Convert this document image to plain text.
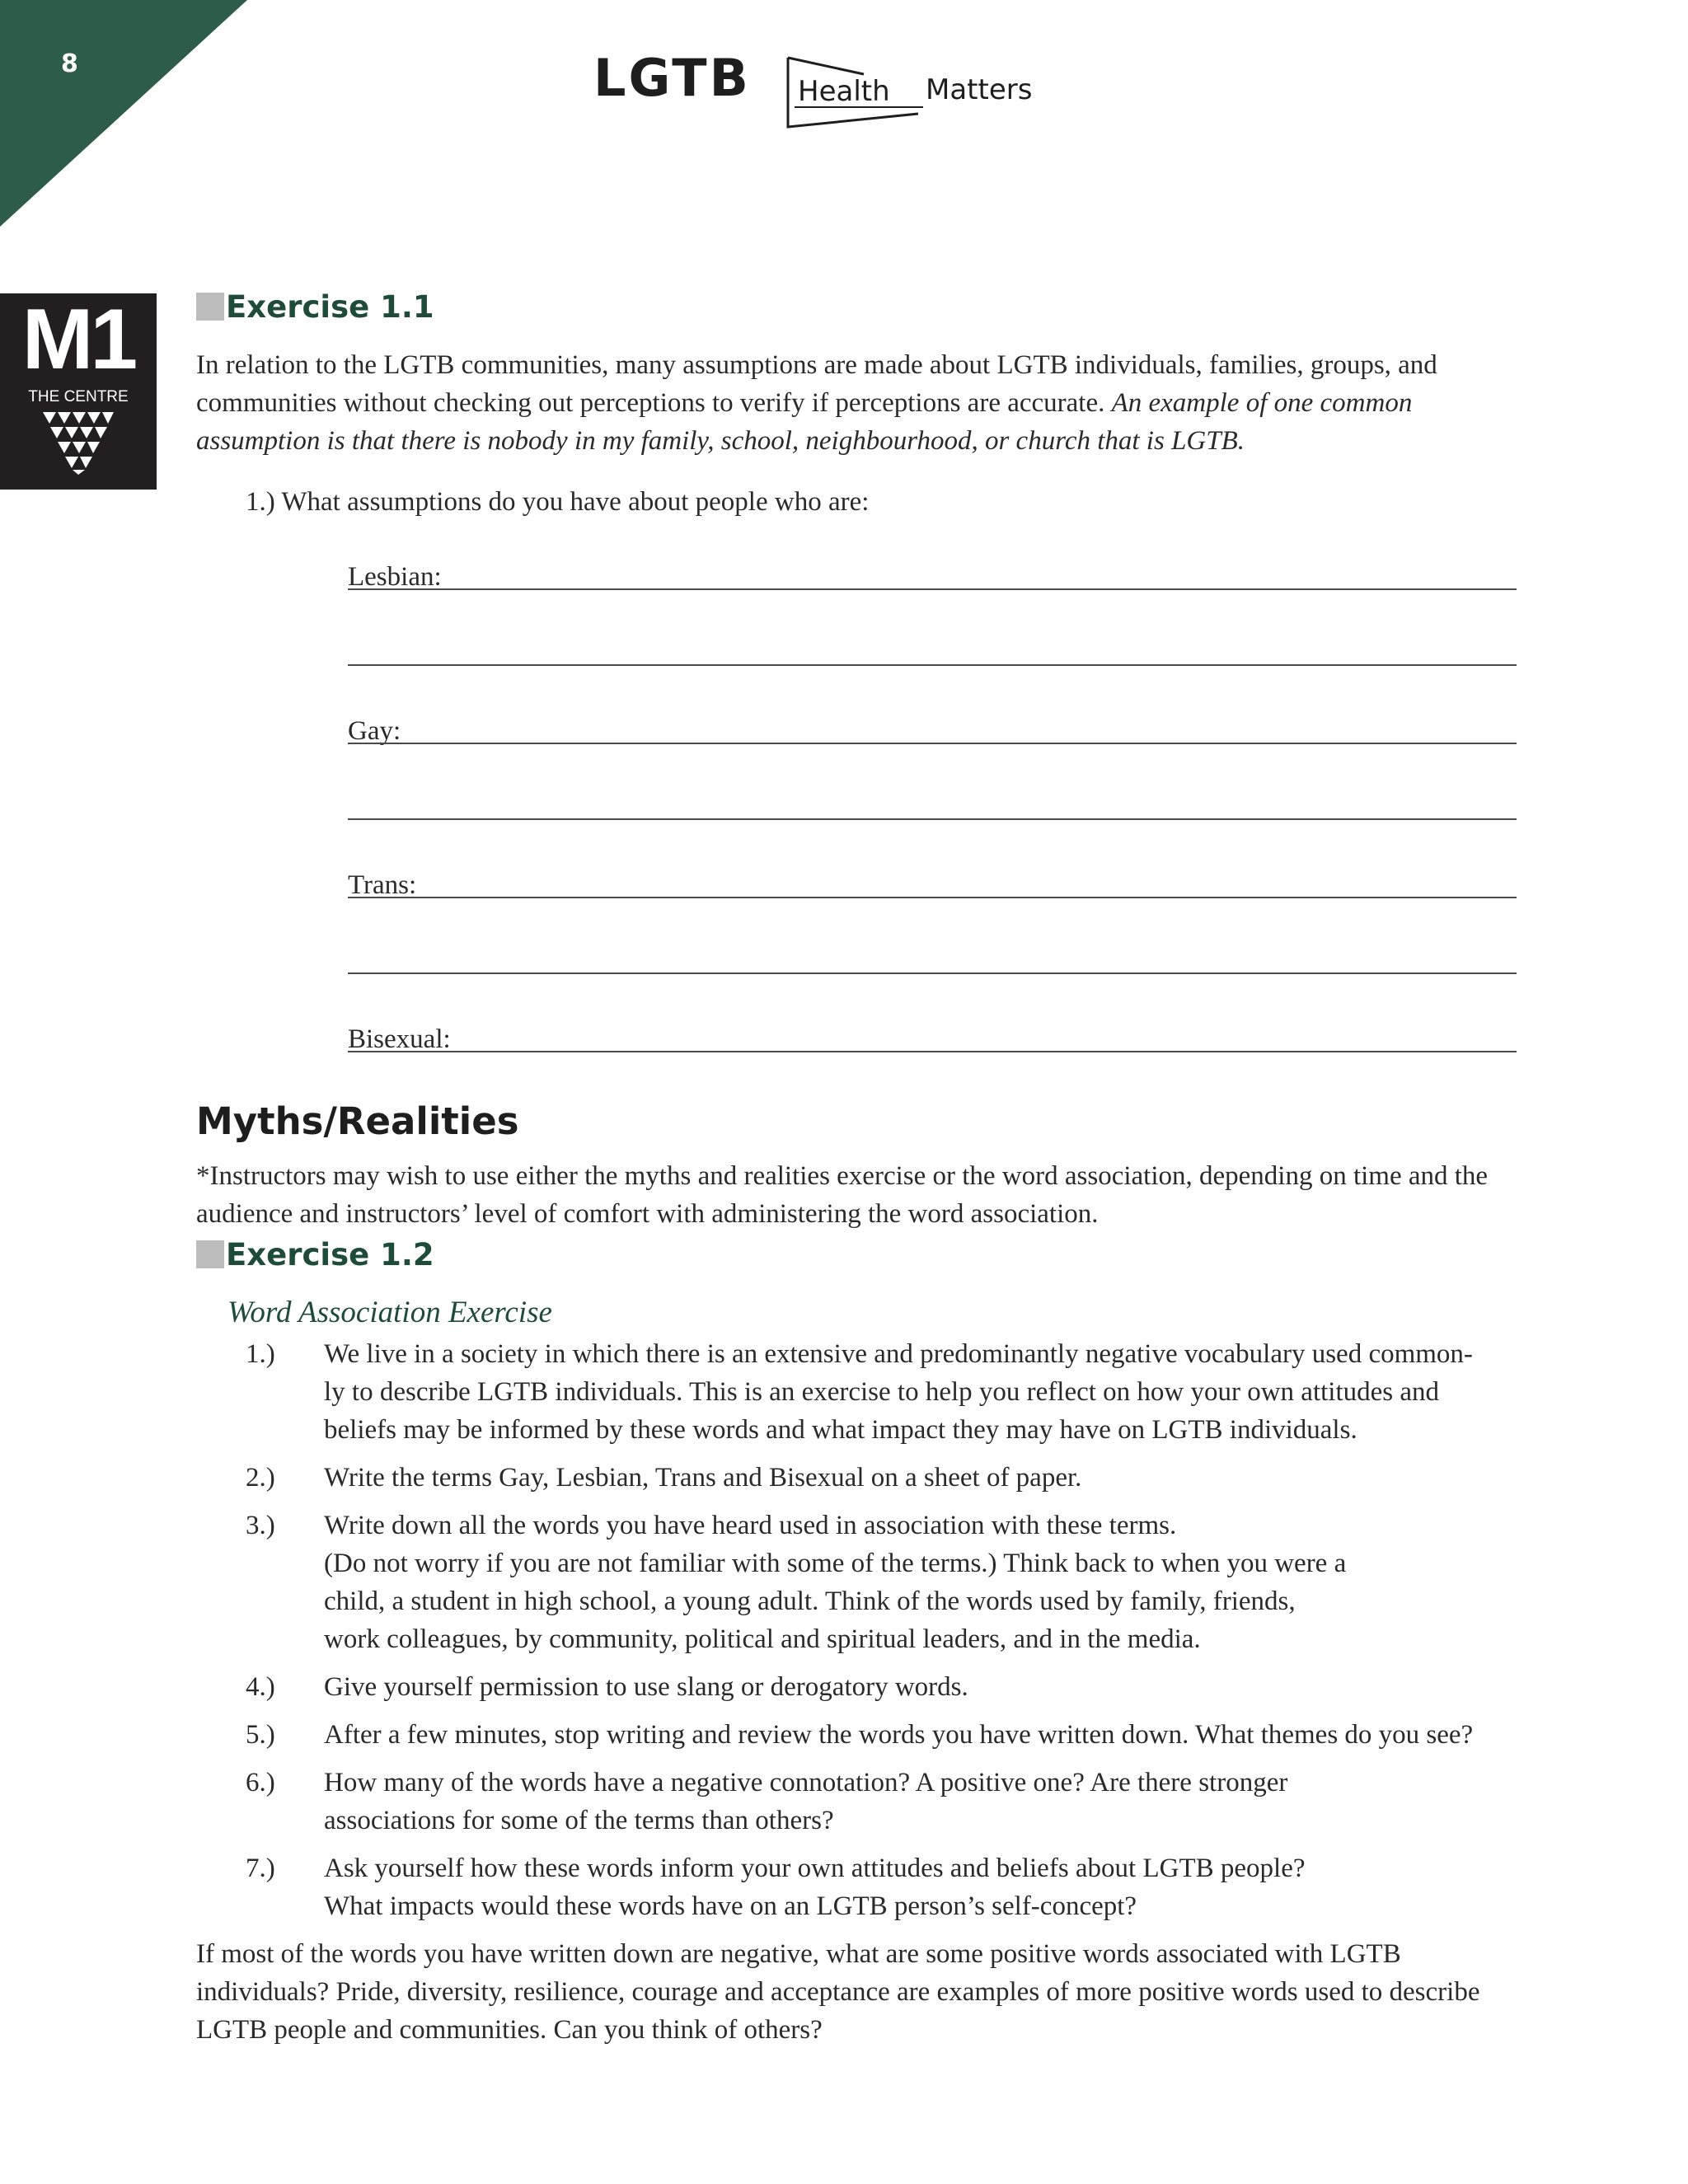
8	LGTB Health Matters
M1
THE CENTRE
Exercise 1.1

In relation to the LGTB communities, many assumptions are made about LGTB individuals, families, groups, and communities without checking out perceptions to verify if perceptions are accurate. An example of one common assumption is that there is nobody in my family, school, neighbourhood, or church that is LGTB.

1.) What assumptions do you have about people who are:
Lesbian:
Gay:
Trans:
Bisexual:
Myths/Realities

*Instructors may wish to use either the myths and realities exercise or the word association, depending on time and the audience and instructors’ level of comfort with administering the word association.

Exercise 1.2
Word Association Exercise
1.)	We live in a society in which there is an extensive and predominantly negative vocabulary used common-
ly to describe LGTB individuals. This is an exercise to help you reflect on how your own attitudes and
beliefs may be informed by these words and what impact they may have on LGTB individuals.
2.)	Write the terms Gay, Lesbian, Trans and Bisexual on a sheet of paper.
3.)	Write down all the words you have heard used in association with these terms.
(Do not worry if you are not familiar with some of the terms.) Think back to when you were a
child, a student in high school, a young adult. Think of the words used by family, friends,
work colleagues, by community, political and spiritual leaders, and in the media.
4.)	Give yourself permission to use slang or derogatory words.
5.)	After a few minutes, stop writing and review the words you have written down. What themes do you see?
6.)	How many of the words have a negative connotation? A positive one? Are there stronger
associations for some of the terms than others?
7.)	Ask yourself how these words inform your own attitudes and beliefs about LGTB people?
What impacts would these words have on an LGTB person’s self-concept?

If most of the words you have written down are negative, what are some positive words associated with LGTB individuals? Pride, diversity, resilience, courage and acceptance are examples of more positive words used to describe LGTB people and communities. Can you think of others?
